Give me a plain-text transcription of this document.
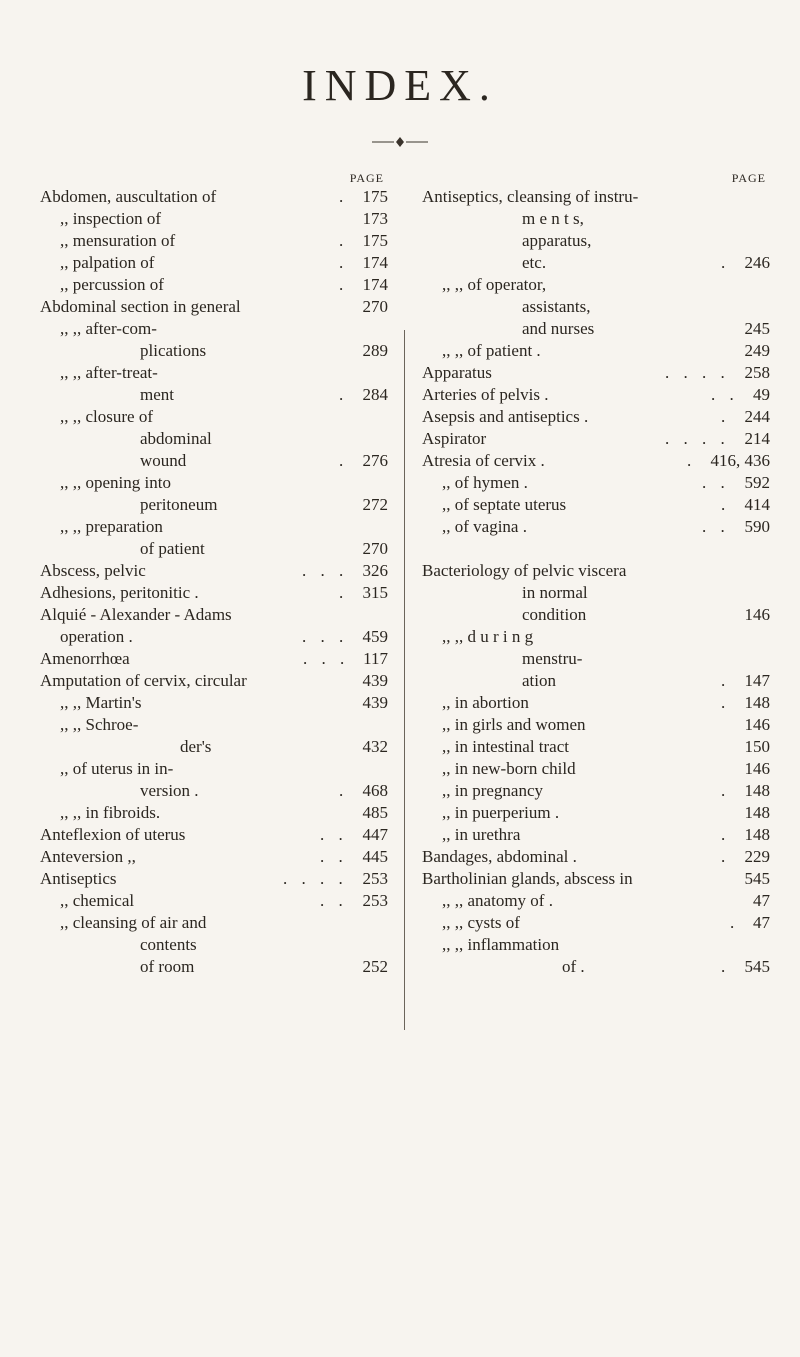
INDEX.
PAGE
Abdomen, auscultation of	. 175
,, inspection of	173
,, mensuration of	. 175
,, palpation of	. 174
,, percussion of	. 174
Abdominal section in general	270
,, ,, after-com-
plications	289
,, ,, after-treat-
ment	. 284
,, ,, closure of
abdominal
wound	. 276
,, ,, opening into
peritoneum	272
,, ,, preparation
of patient	270
Abscess, pelvic	. . . 326
Adhesions, peritonitic .	. 315
Alquié - Alexander - Adams
operation .	. . . 459
Amenorrhœa	. . . 117
Amputation of cervix, circular	439
,, ,, Martin's	439
,, ,, Schroe-
der's	432
,, of uterus in in-
version .	. 468
,, ,, in fibroids.	485
Anteflexion of uterus	. . 447
Anteversion ,,	. . 445
Antiseptics	. . . . 253
,, chemical	. . 253
,, cleansing of air and
contents
of room	252
PAGE
Antiseptics, cleansing of instru-
m e n t s,
apparatus,
etc.	. 246
,, ,, of operator,
assistants,
and nurses	245
,, ,, of patient .	249
Apparatus	. . . . 258
Arteries of pelvis .	. . 49
Asepsis and antiseptics .	. 244
Aspirator	. . . . 214
Atresia of cervix .	. 416, 436
,, of hymen .	. . 592
,, of septate uterus	. 414
,, of vagina .	. . 590
Bacteriology of pelvic viscera
in normal
condition	146
,, ,, d u r i n g
menstru-
ation	. 147
,, in abortion	. 148
,, in girls and women	146
,, in intestinal tract	150
,, in new-born child	146
,, in pregnancy	. 148
,, in puerperium .	148
,, in urethra	. 148
Bandages, abdominal .	. 229
Bartholinian glands, abscess in	545
,, ,, anatomy of .	47
,, ,, cysts of	. 47
,, ,, inflammation
of .	. 545
